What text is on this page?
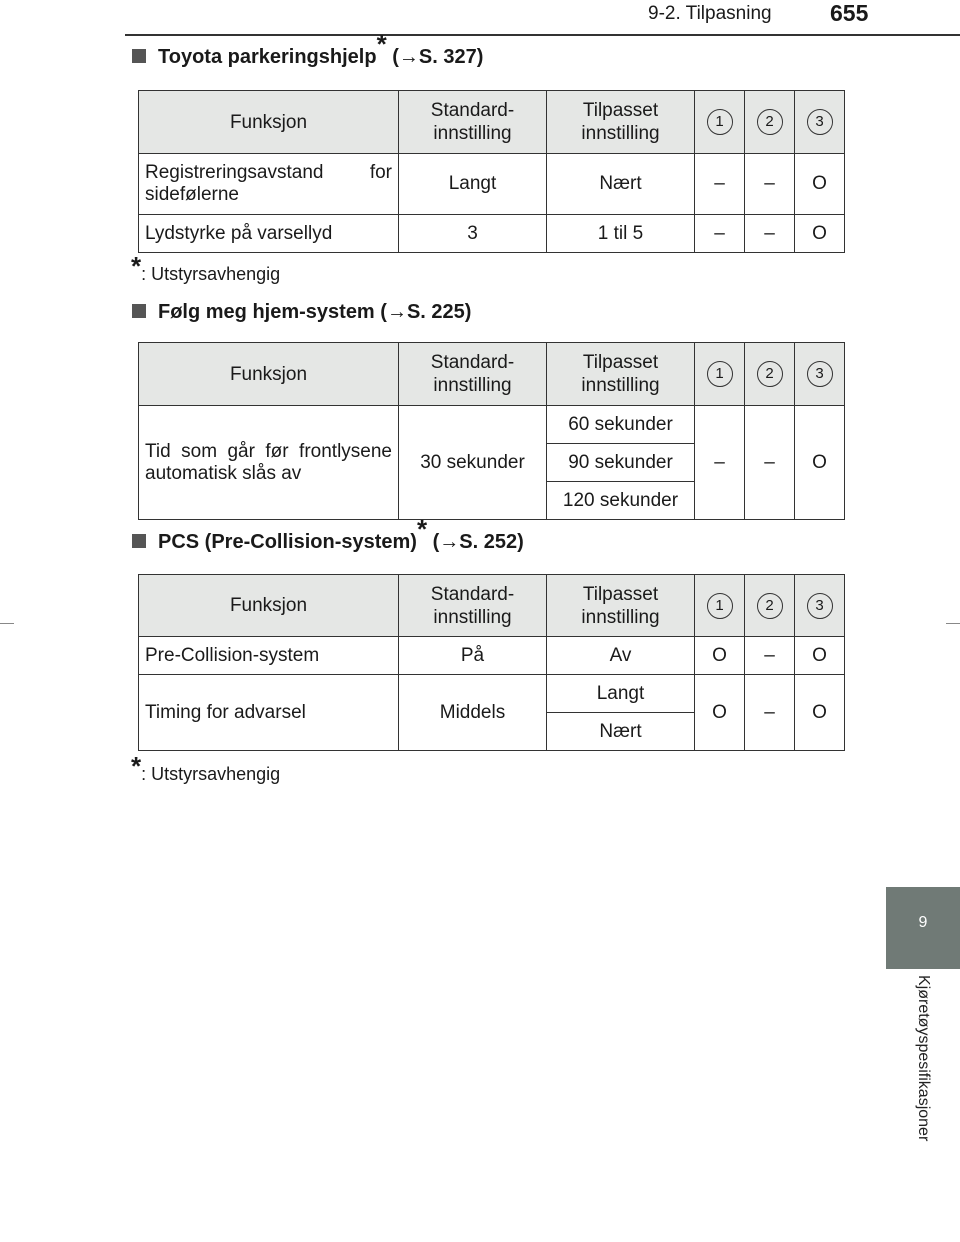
9-2. Tilpasning	655
9
Kjøretøyspesifikasjoner
Toyota parkeringshjelp* (→S. 327)
Funksjon	Standard-innstilling	Tilpasset innstilling	1	2	3
Registreringsavstand for sidefølerne	Langt	Nært	–	–	O
Lydstyrke på varsellyd	3	1 til 5	–	–	O
*: Utstyrsavhengig
Følg meg hjem-system (→S. 225)
Funksjon	Standard-innstilling	Tilpasset innstilling	1	2	3
Tid som går før frontlysene automatisk slås av	30 sekunder	60 sekunder	–	–	O
		90 sekunder			
		120 sekunder			
PCS (Pre-Collision-system)* (→S. 252)
Funksjon	Standard-innstilling	Tilpasset innstilling	1	2	3
Pre-Collision-system	På	Av	O	–	O
Timing for advarsel	Middels	Langt	O	–	O
		Nært			
*: Utstyrsavhengig
